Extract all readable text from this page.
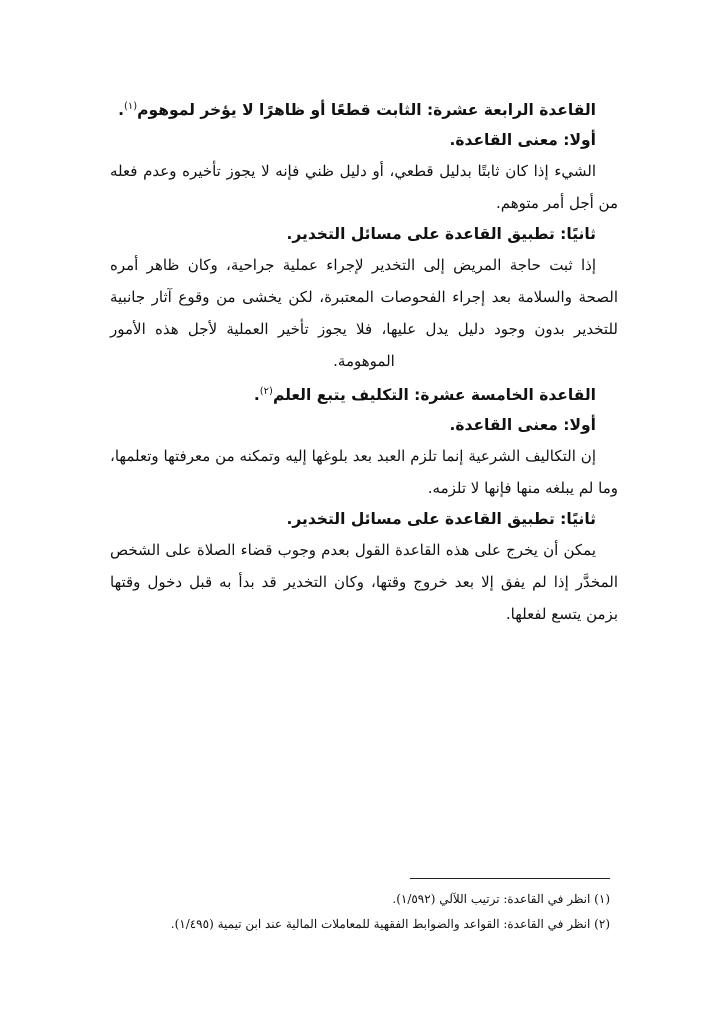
القاعدة الرابعة عشرة: الثابت قطعًا أو ظاهرًا لا يؤخر لموهوم$^{(١)}$.
أولا: معنى القاعدة.

الشيء إذا كان ثابتًا بدليل قطعي، أو دليل ظني فإنه لا يجوز تأخيره وعدم فعله من أجل أمر متوهم.

ثانيًا: تطبيق القاعدة على مسائل التخدير.

إذا ثبت حاجة المريض إلى التخدير لإجراء عملية جراحية، وكان ظاهر أمره الصحة والسلامة بعد إجراء الفحوصات المعتبرة، لكن يخشى من وقوع آثار جانبية للتخدير بدون وجود دليل يدل عليها، فلا يجوز تأخير العملية لأجل هذه الأمور الموهومة.

القاعدة الخامسة عشرة: التكليف يتبع العلم$^{(٢)}$.
أولا: معنى القاعدة.

إن التكاليف الشرعية إنما تلزم العبد بعد بلوغها إليه وتمكنه من معرفتها وتعلمها، وما لم يبلغه منها فإنها لا تلزمه.

ثانيًا: تطبيق القاعدة على مسائل التخدير.

يمكن أن يخرج على هذه القاعدة القول بعدم وجوب قضاء الصلاة على الشخص المخدَّر إذا لم يفق إلا بعد خروج وقتها، وكان التخدير قد بدأ به قبل دخول وقتها بزمن يتسع لفعلها.

(١) انظر في القاعدة: ترتيب اللآلي (١/٥٩٢).

(٢) انظر في القاعدة: القواعد والضوابط الفقهية للمعاملات المالية عند ابن تيمية (١/٤٩٥).
